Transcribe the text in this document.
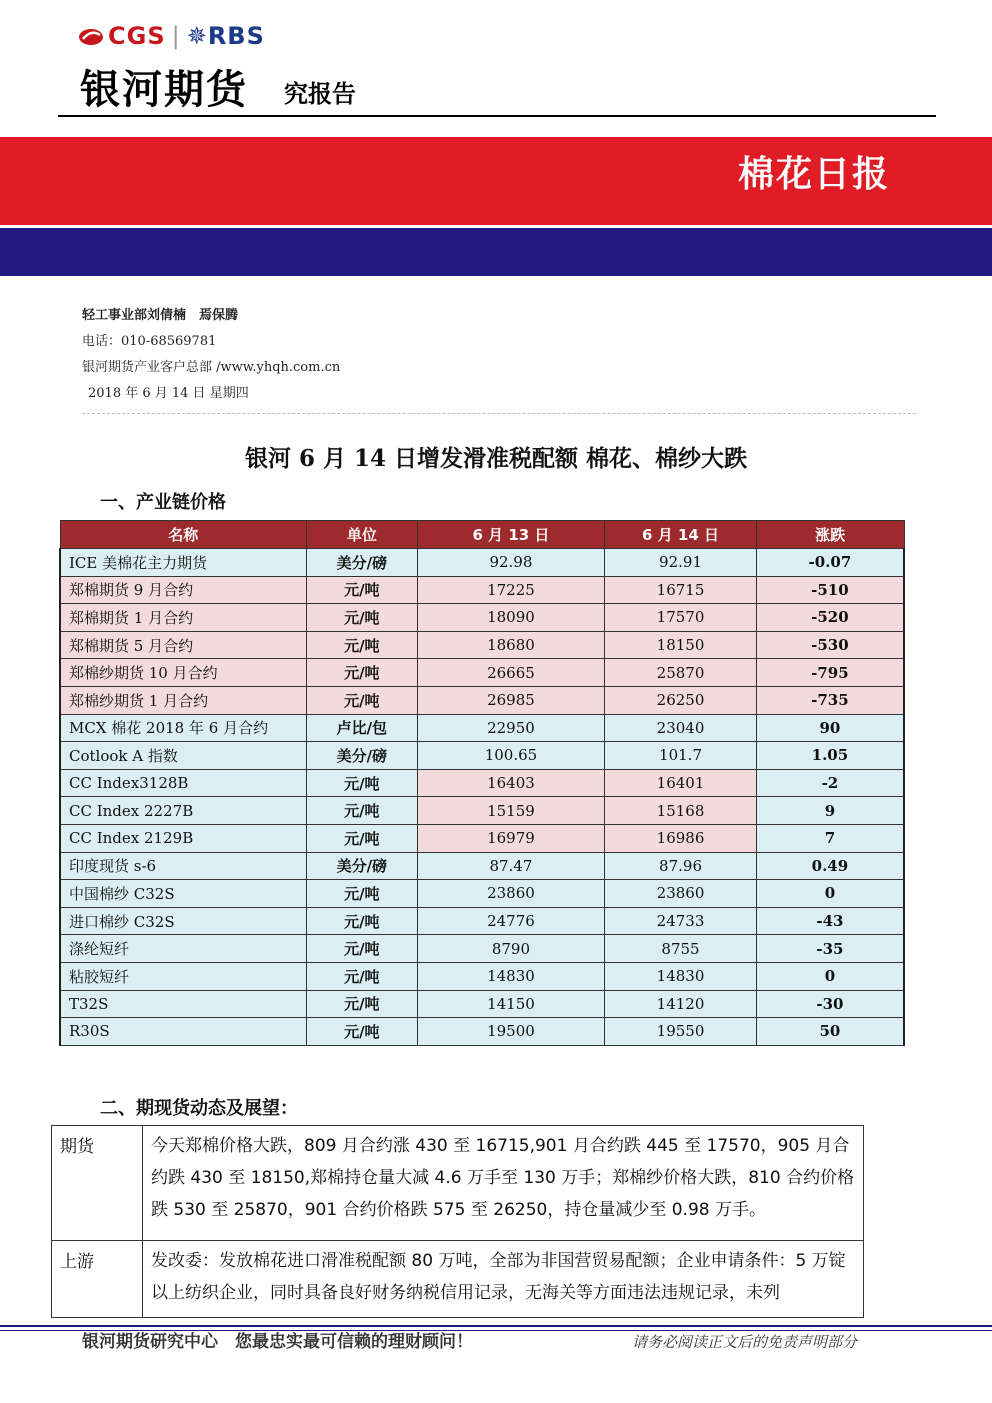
CGS | ✵RBS
银河期货 究报告
棉花日报
轻工事业部刘倩楠　焉保腾
电话：010-68569781
银河期货产业客户总部 /www.yhqh.com.cn
2018 年 6 月 14 日 星期四
银河 6 月 14 日增发滑准税配额 棉花、棉纱大跌
一、产业链价格
名称	单位	6 月 13 日	6 月 14 日	涨跌
ICE 美棉花主力期货	美分/磅	92.98	92.91	-0.07
郑棉期货 9 月合约	元/吨	17225	16715	-510
郑棉期货 1 月合约	元/吨	18090	17570	-520
郑棉期货 5 月合约	元/吨	18680	18150	-530
郑棉纱期货 10 月合约	元/吨	26665	25870	-795
郑棉纱期货 1 月合约	元/吨	26985	26250	-735
MCX 棉花 2018 年 6 月合约	卢比/包	22950	23040	90
Cotlook A 指数	美分/磅	100.65	101.7	1.05
CC Index3128B	元/吨	16403	16401	-2
CC Index 2227B	元/吨	15159	15168	9
CC Index 2129B	元/吨	16979	16986	7
印度现货 s-6	美分/磅	87.47	87.96	0.49
中国棉纱 C32S	元/吨	23860	23860	0
进口棉纱 C32S	元/吨	24776	24733	-43
涤纶短纤	元/吨	8790	8755	-35
粘胶短纤	元/吨	14830	14830	0
T32S	元/吨	14150	14120	-30
R30S	元/吨	19500	19550	50
二、期现货动态及展望：
期货	今天郑棉价格大跌，809 月合约涨 430 至 16715,901 月合约跌 445 至 17570，905 月合约跌 430 至 18150,郑棉持仓量大减 4.6 万手至 130 万手；郑棉纱价格大跌，810 合约价格跌 530 至 25870，901 合约价格跌 575 至 26250，持仓量减少至 0.98 万手。
上游	发改委：发放棉花进口滑准税配额 80 万吨，全部为非国营贸易配额；企业申请条件：5 万锭以上纺织企业，同时具备良好财务纳税信用记录，无海关等方面违法违规记录，未列
银河期货研究中心　您最忠实最可信赖的理财顾问！	请务必阅读正文后的免责声明部分
